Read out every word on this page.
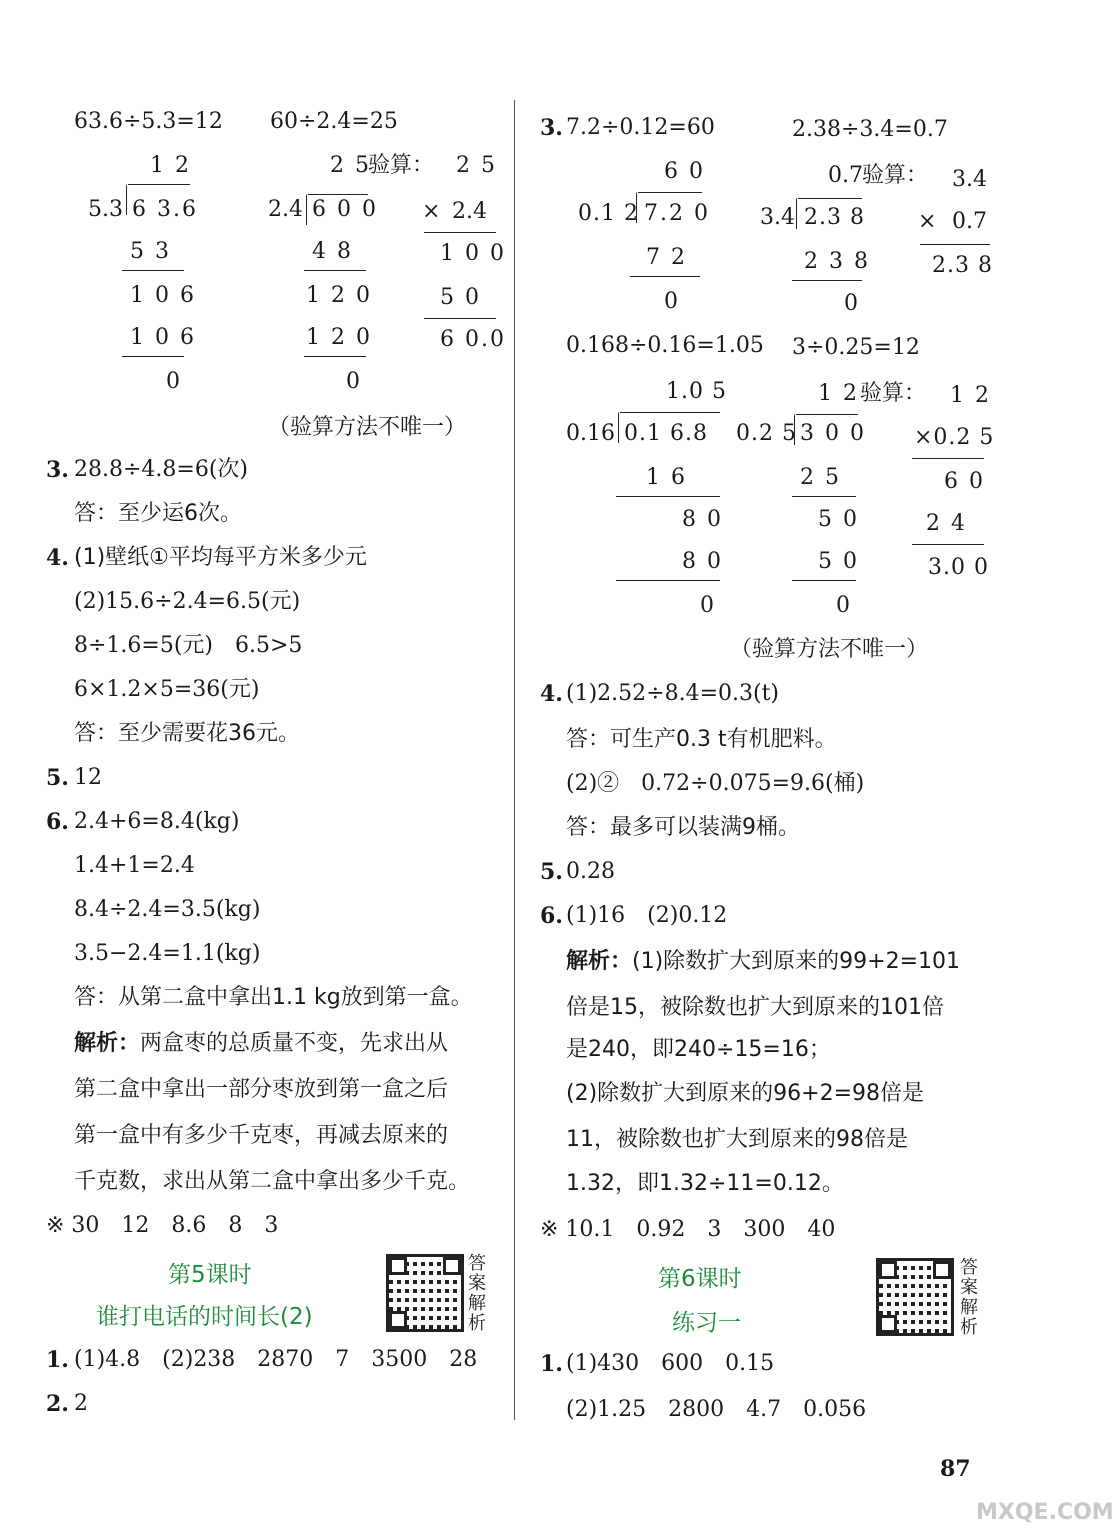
63.6÷5.3=12 60÷2.4=25
1 2
5.3 6 3.6
5 3
1 0 6
1 0 6
0
2 5
验算： 2 5
2.4 6 0 0
4 8
1 2 0
1 2 0
0
× 2.4
1 0 0
5 0
6 0.0
（验算方法不唯一）
3. 28.8÷4.8=6(次)
答：至少运6次。
4. (1)壁纸①平均每平方米多少元
(2)15.6÷2.4=6.5(元)
8÷1.6=5(元)　6.5>5
6×1.2×5=36(元)
答：至少需要花36元。
5. 12
6. 2.4+6=8.4(kg)
1.4+1=2.4
8.4÷2.4=3.5(kg)
3.5−2.4=1.1(kg)
答：从第二盒中拿出1.1 kg放到第一盒。
解析：两盒枣的总质量不变，先求出从
第二盒中拿出一部分枣放到第一盒之后
第一盒中有多少千克枣，再减去原来的
千克数，求出从第二盒中拿出多少千克。
※ 30　12　8.6　8　3
第5课时
谁打电话的时间长(2)
答案解析
1. (1)4.8　(2)238　2870　7　3500　28
2. 2
3. 7.2÷0.12=60	2.38÷3.4=0.7
6 0
0.1 2 7.2 0
7 2
0
0.7 验算：
3.4 2.3 8
2 3 8
0
3.4
× 0.7
2.3 8
0.168÷0.16=1.05 3÷0.25=12
1.0 5
0.16 0.1 6.8
1 6
8 0
8 0
0
1 2 验算： 1 2
0.2 5 3 0 0
2 5
5 0
5 0
0
×0.2 5
6 0
2 4
3.0 0
（验算方法不唯一）
4. (1)2.52÷8.4=0.3(t)
答：可生产0.3 t有机肥料。
(2)②　0.72÷0.075=9.6(桶)
答：最多可以装满9桶。
5. 0.28
6. (1)16　(2)0.12
解析：(1)除数扩大到原来的99+2=101
倍是15，被除数也扩大到原来的101倍
是240，即240÷15=16；
(2)除数扩大到原来的96+2=98倍是
11，被除数也扩大到原来的98倍是
1.32，即1.32÷11=0.12。
※ 10.1　0.92　3　300　40
第6课时
练习一
答案解析
1. (1)430　600　0.15
(2)1.25　2800　4.7　0.056
87
MXQE.COM
